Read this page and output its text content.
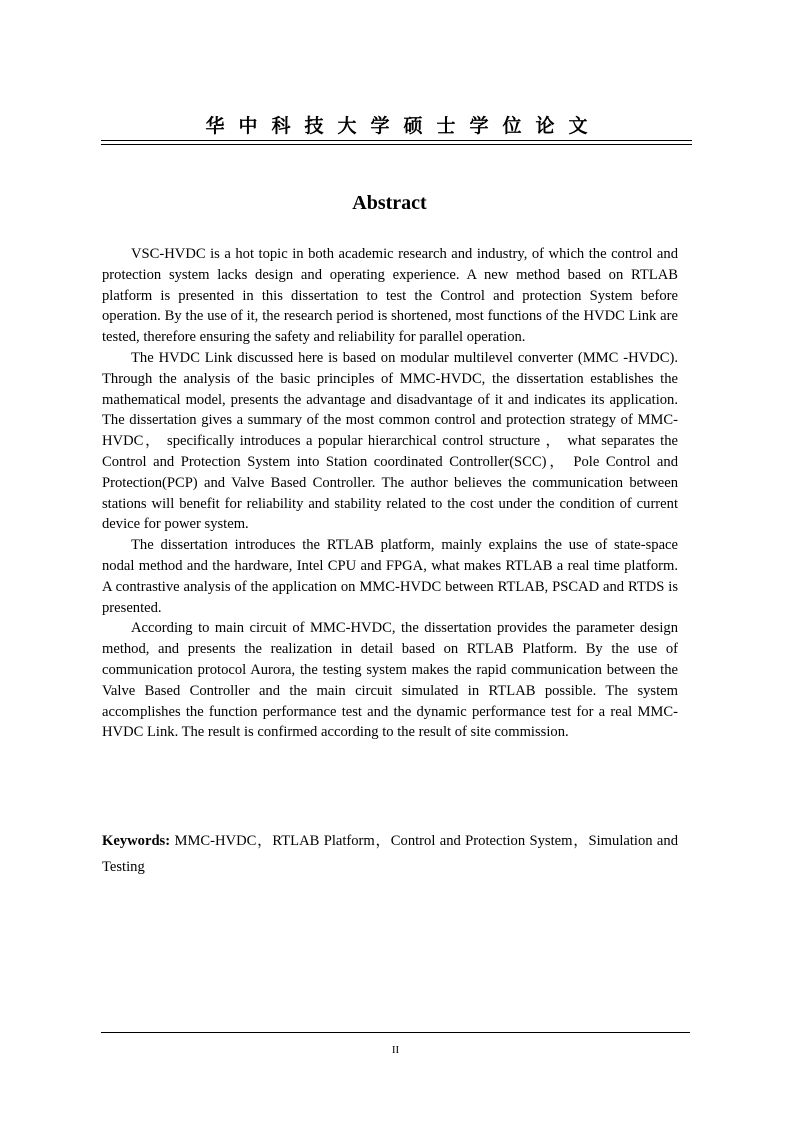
华中科技大学硕士学位论文
Abstract

VSC-HVDC is a hot topic in both academic research and industry, of which the control and protection system lacks design and operating experience. A new method based on RTLAB platform is presented in this dissertation to test the Control and protection System before operation. By the use of it, the research period is shortened, most functions of the HVDC Link are tested, therefore ensuring the safety and reliability for parallel operation.

The HVDC Link discussed here is based on modular multilevel converter (MMC -HVDC). Through the analysis of the basic principles of MMC-HVDC, the dissertation establishes the mathematical model, presents the advantage and disadvantage of it and indicates its application. The dissertation gives a summary of the most common control and protection strategy of MMC-HVDC， specifically introduces a popular hierarchical control structure ， what separates the Control and Protection System into Station coordinated Controller(SCC)， Pole Control and Protection(PCP) and Valve Based Controller. The author believes the communication between stations will benefit for reliability and stability related to the cost under the condition of current device for power system.

The dissertation introduces the RTLAB platform, mainly explains the use of state-space nodal method and the hardware, Intel CPU and FPGA, what makes RTLAB a real time platform. A contrastive analysis of the application on MMC-HVDC between RTLAB, PSCAD and RTDS is presented.

According to main circuit of MMC-HVDC, the dissertation provides the parameter design method, and presents the realization in detail based on RTLAB Platform. By the use of communication protocol Aurora, the testing system makes the rapid communication between the Valve Based Controller and the main circuit simulated in RTLAB possible. The system accomplishes the function performance test and the dynamic performance test for a real MMC-HVDC Link. The result is confirmed according to the result of site commission.

Keywords: MMC-HVDC，RTLAB Platform，Control and Protection System，Simulation and Testing
II
